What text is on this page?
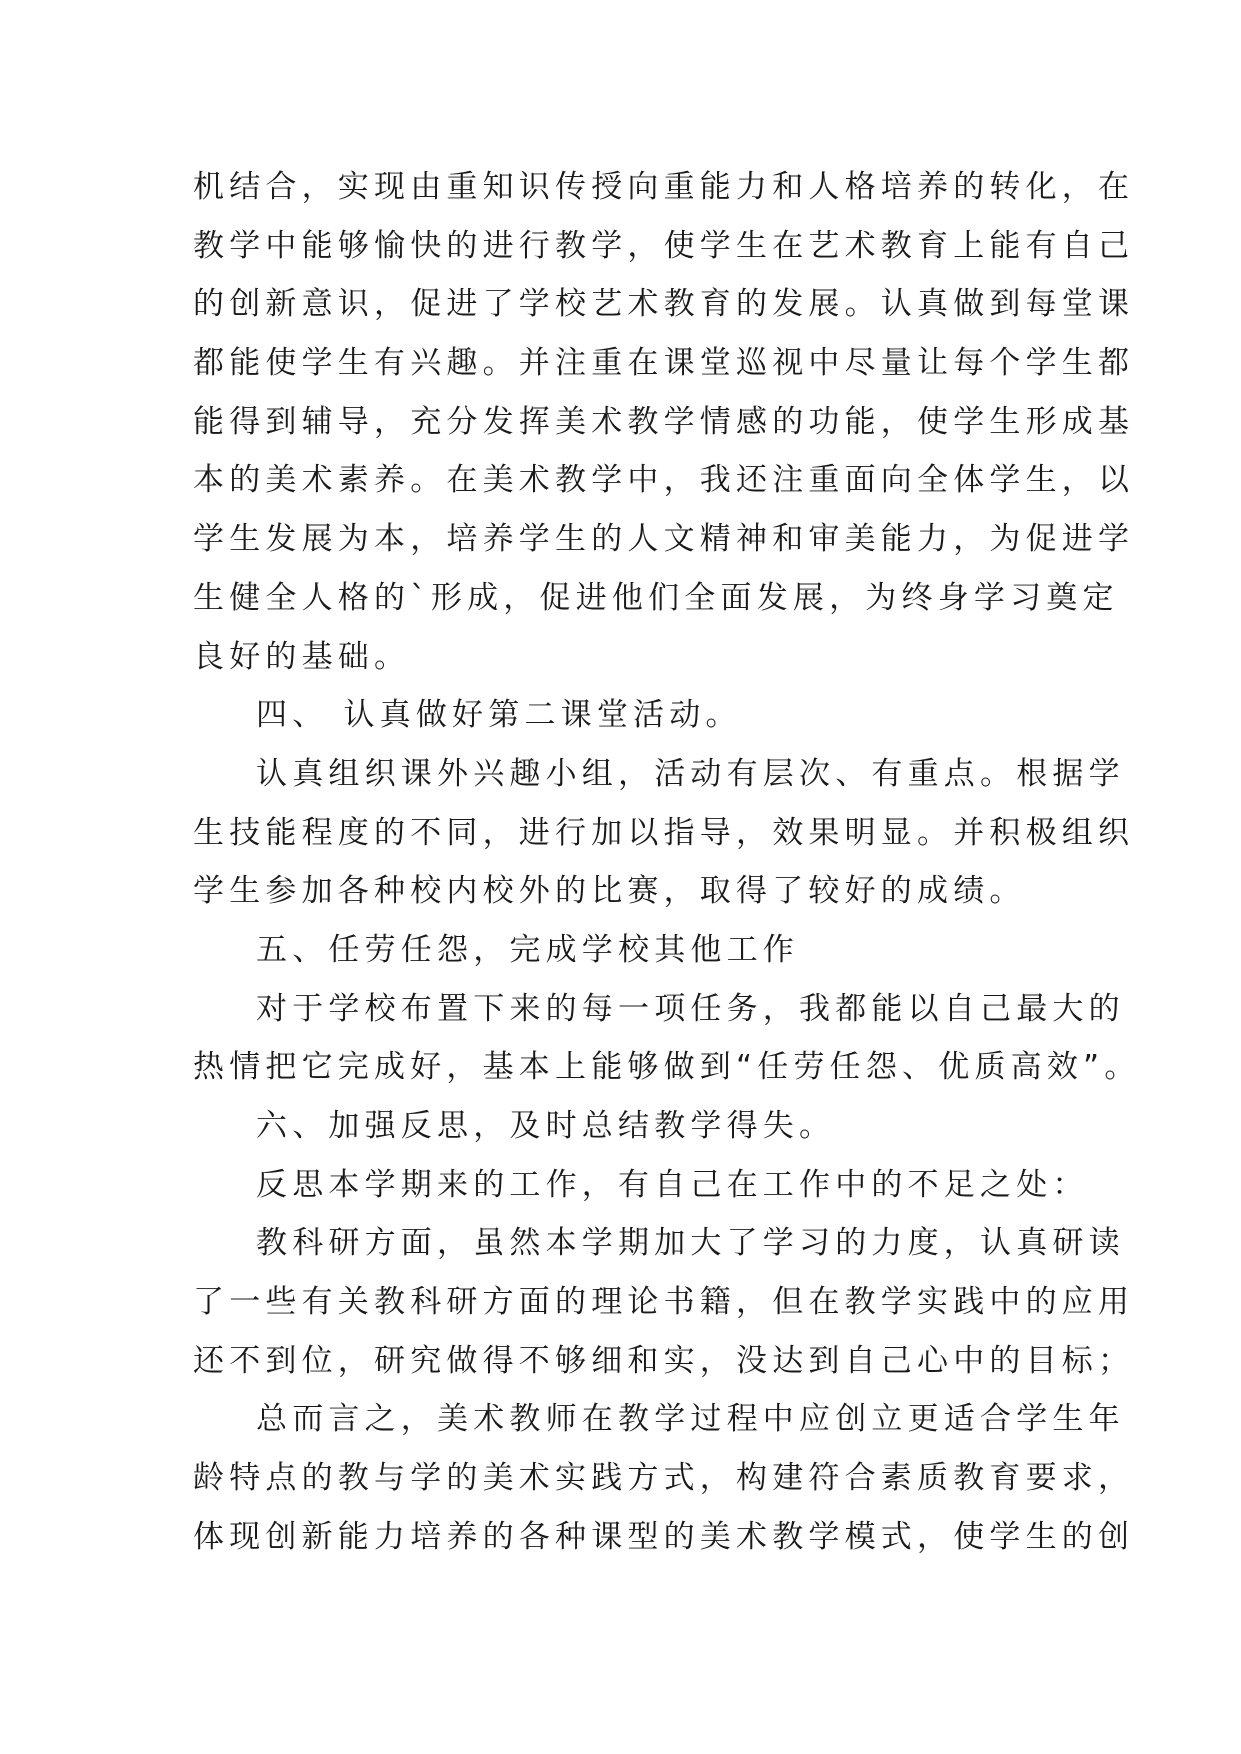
机结合，实现由重知识传授向重能力和人格培养的转化，在

教学中能够愉快的进行教学，使学生在艺术教育上能有自己

的创新意识，促进了学校艺术教育的发展。认真做到每堂课

都能使学生有兴趣。并注重在课堂巡视中尽量让每个学生都

能得到辅导，充分发挥美术教学情感的功能，使学生形成基

本的美术素养。在美术教学中，我还注重面向全体学生，以

学生发展为本，培养学生的人文精神和审美能力，为促进学

生健全人格的`形成，促进他们全面发展，为终身学习奠定

良好的基础。

四、 认真做好第二课堂活动。

认真组织课外兴趣小组，活动有层次、有重点。根据学

生技能程度的不同，进行加以指导，效果明显。并积极组织

学生参加各种校内校外的比赛，取得了较好的成绩。

五、任劳任怨，完成学校其他工作

对于学校布置下来的每一项任务，我都能以自己最大的

热情把它完成好，基本上能够做到“任劳任怨、优质高效”。

六、加强反思，及时总结教学得失。

反思本学期来的工作，有自己在工作中的不足之处：

教科研方面，虽然本学期加大了学习的力度，认真研读

了一些有关教科研方面的理论书籍，但在教学实践中的应用

还不到位，研究做得不够细和实，没达到自己心中的目标；

总而言之，美术教师在教学过程中应创立更适合学生年

龄特点的教与学的美术实践方式，构建符合素质教育要求，

体现创新能力培养的各种课型的美术教学模式，使学生的创
